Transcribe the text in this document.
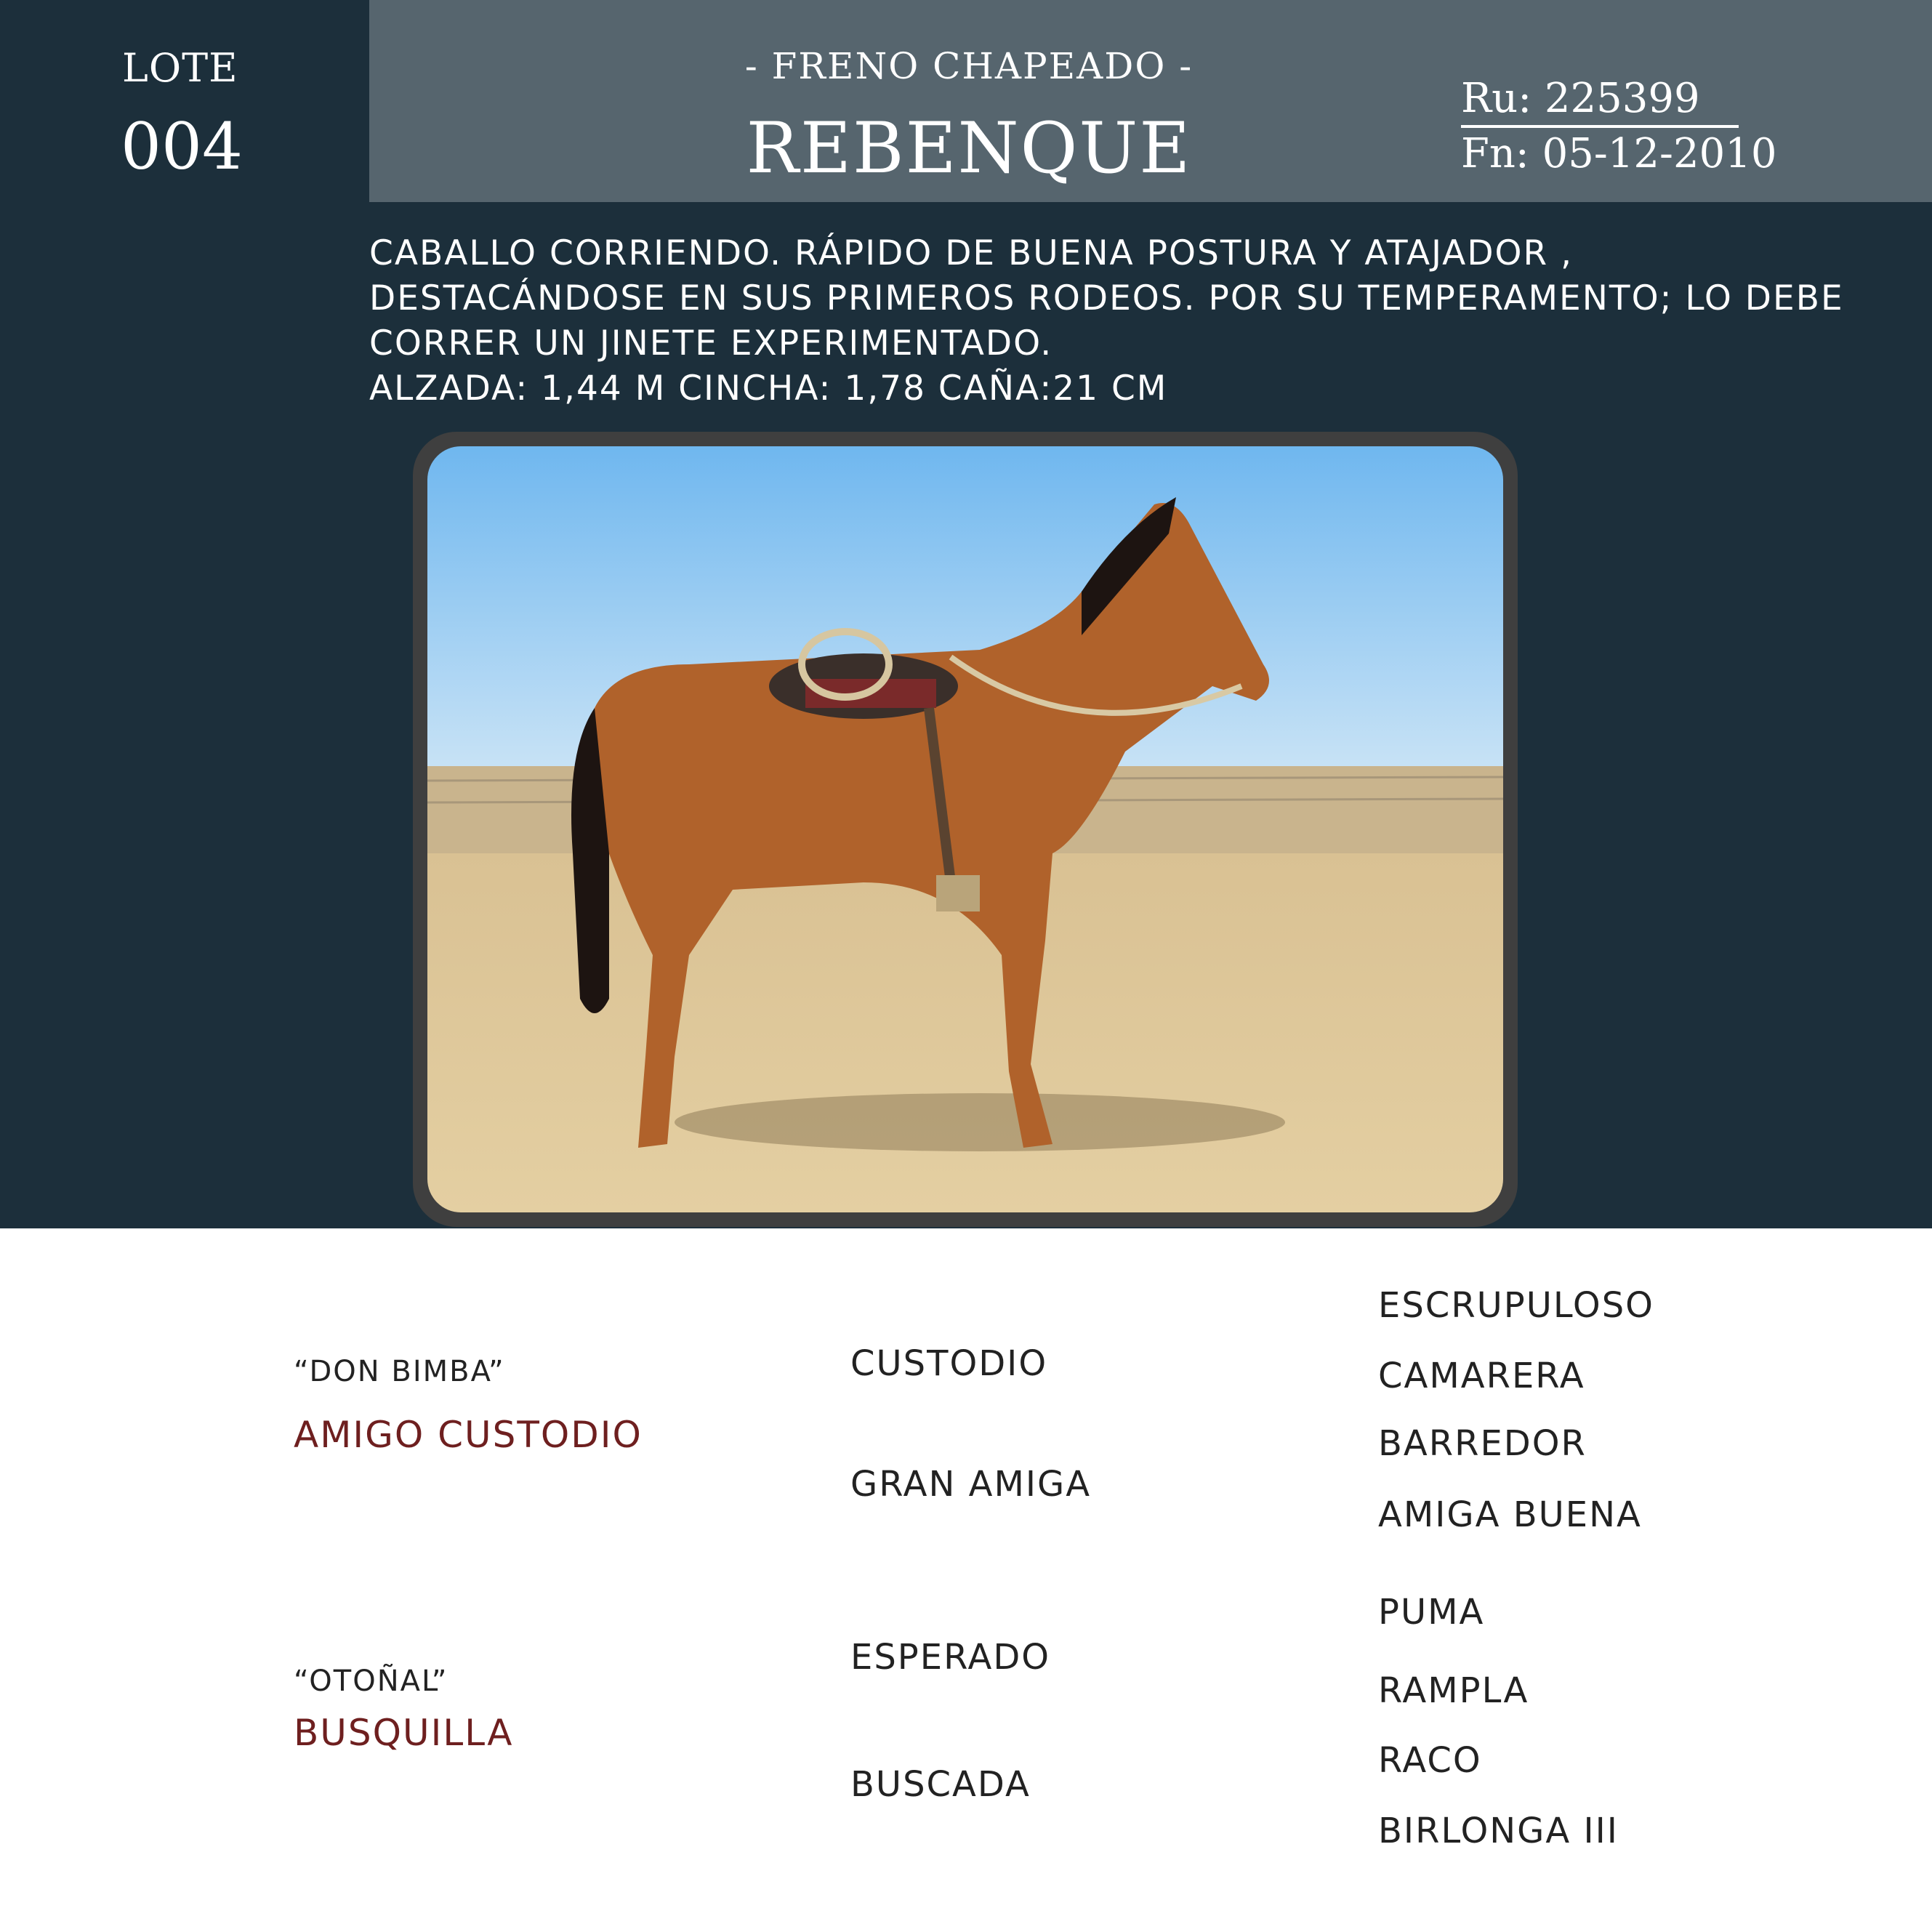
LOTE
004
- FRENO CHAPEADO -
REBENQUE
Ru: 225399
Fn: 05-12-2010

CABALLO CORRIENDO. RÁPIDO DE BUENA POSTURA Y ATAJADOR , DESTACÁNDOSE EN SUS PRIMEROS RODEOS. POR SU TEMPERAMENTO; LO DEBE CORRER UN JINETE EXPERIMENTADO.

ALZADA: 1,44 M CINCHA: 1,78 CAÑA:21 CM

“DON BIMBA”
AMIGO CUSTODIO
“OTOÑAL”
BUSQUILLA
CUSTODIO
GRAN AMIGA
ESPERADO
BUSCADA
ESCRUPULOSO
CAMARERA
BARREDOR
AMIGA BUENA
PUMA
RAMPLA
RACO
BIRLONGA III
